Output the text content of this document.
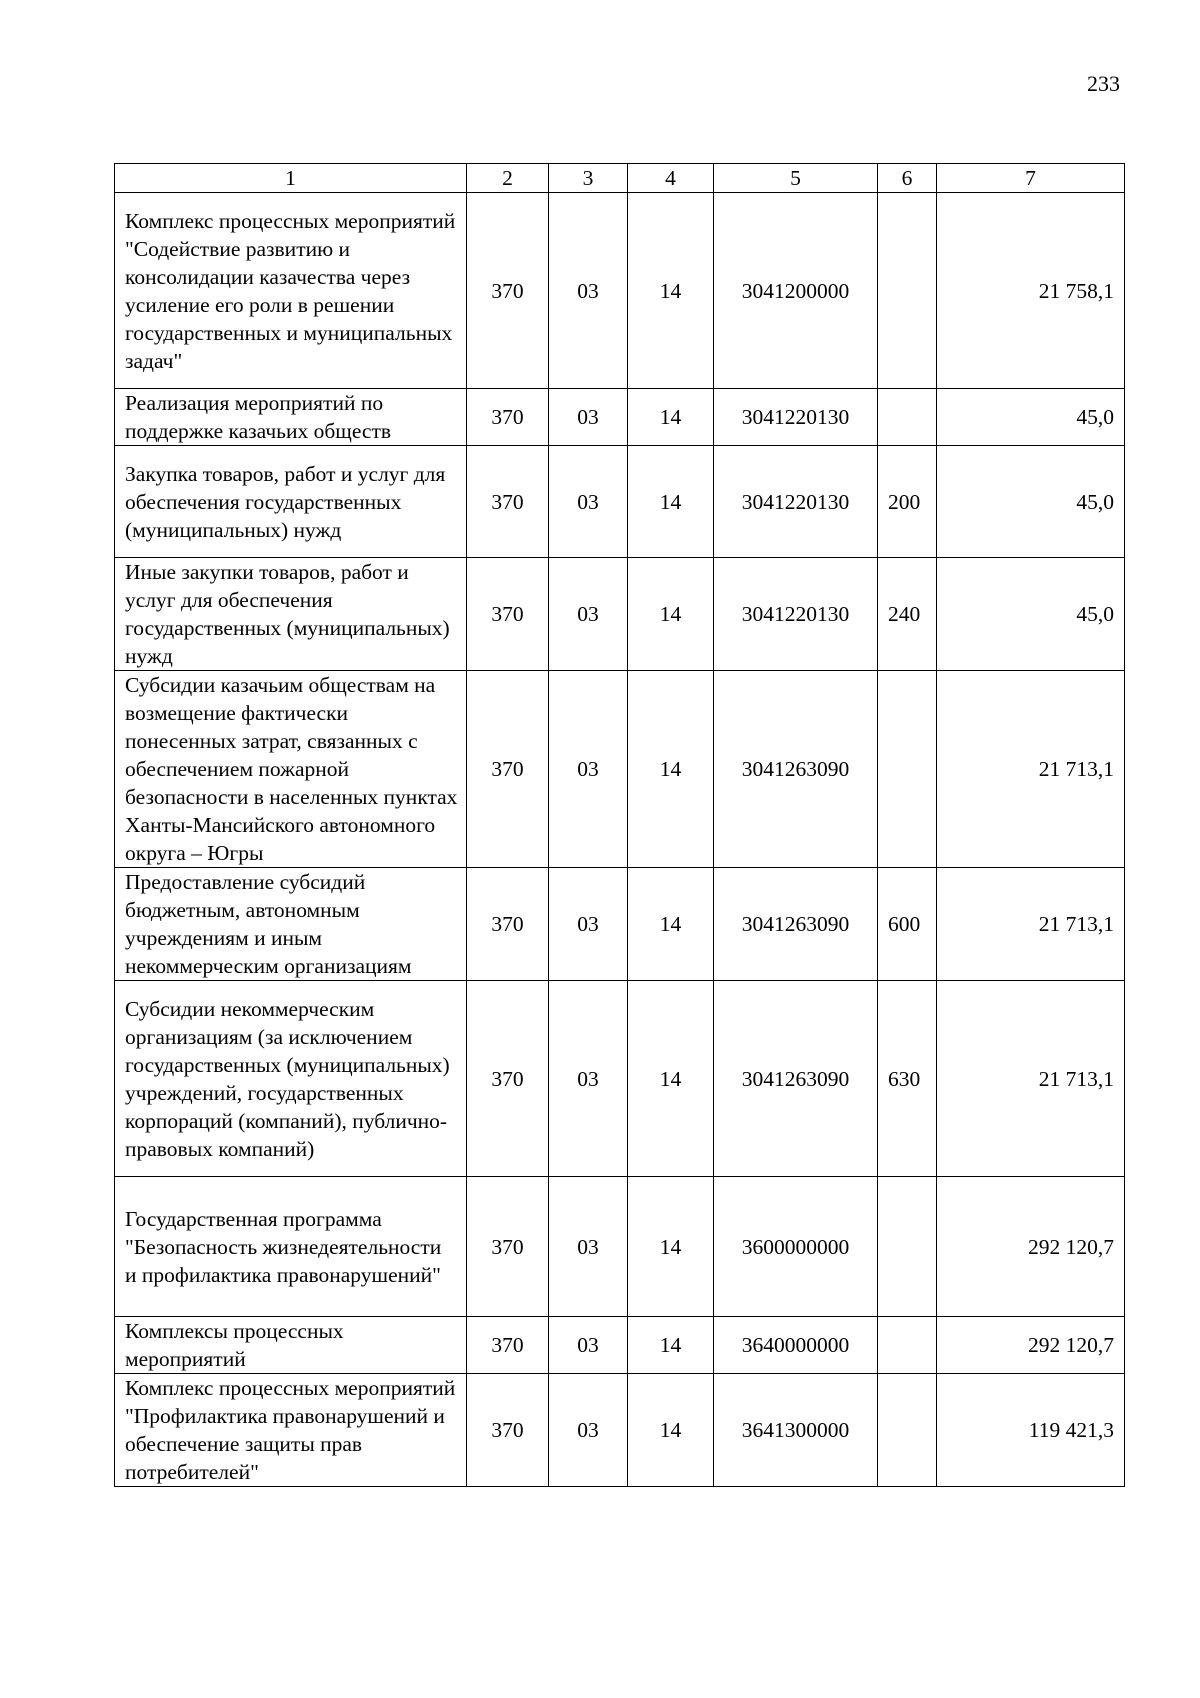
233
1	2	3	4	5	6	7
Комплекс процессных мероприятий "Содействие развитию и консолидации казачества через усиление его роли в решении государственных и муниципальных задач"	370	03	14	3041200000		21 758,1
Реализация мероприятий по поддержке казачьих обществ	370	03	14	3041220130		45,0
Закупка товаров, работ и услуг для обеспечения государственных (муниципальных) нужд	370	03	14	3041220130	200	45,0
Иные закупки товаров, работ и услуг для обеспечения государственных (муниципальных) нужд	370	03	14	3041220130	240	45,0
Субсидии казачьим обществам на возмещение фактически понесенных затрат, связанных с обеспечением пожарной безопасности в населенных пунктах Ханты-Мансийского автономного округа – Югры	370	03	14	3041263090		21 713,1
Предоставление субсидий бюджетным, автономным учреждениям и иным некоммерческим организациям	370	03	14	3041263090	600	21 713,1
Субсидии некоммерческим организациям (за исключением государственных (муниципальных) учреждений, государственных корпораций (компаний), публично-правовых компаний)	370	03	14	3041263090	630	21 713,1
Государственная программа "Безопасность жизнедеятельности и профилактика правонарушений"	370	03	14	3600000000		292 120,7
Комплексы процессных мероприятий	370	03	14	3640000000		292 120,7
Комплекс процессных мероприятий "Профилактика правонарушений и обеспечение защиты прав потребителей"	370	03	14	3641300000		119 421,3
